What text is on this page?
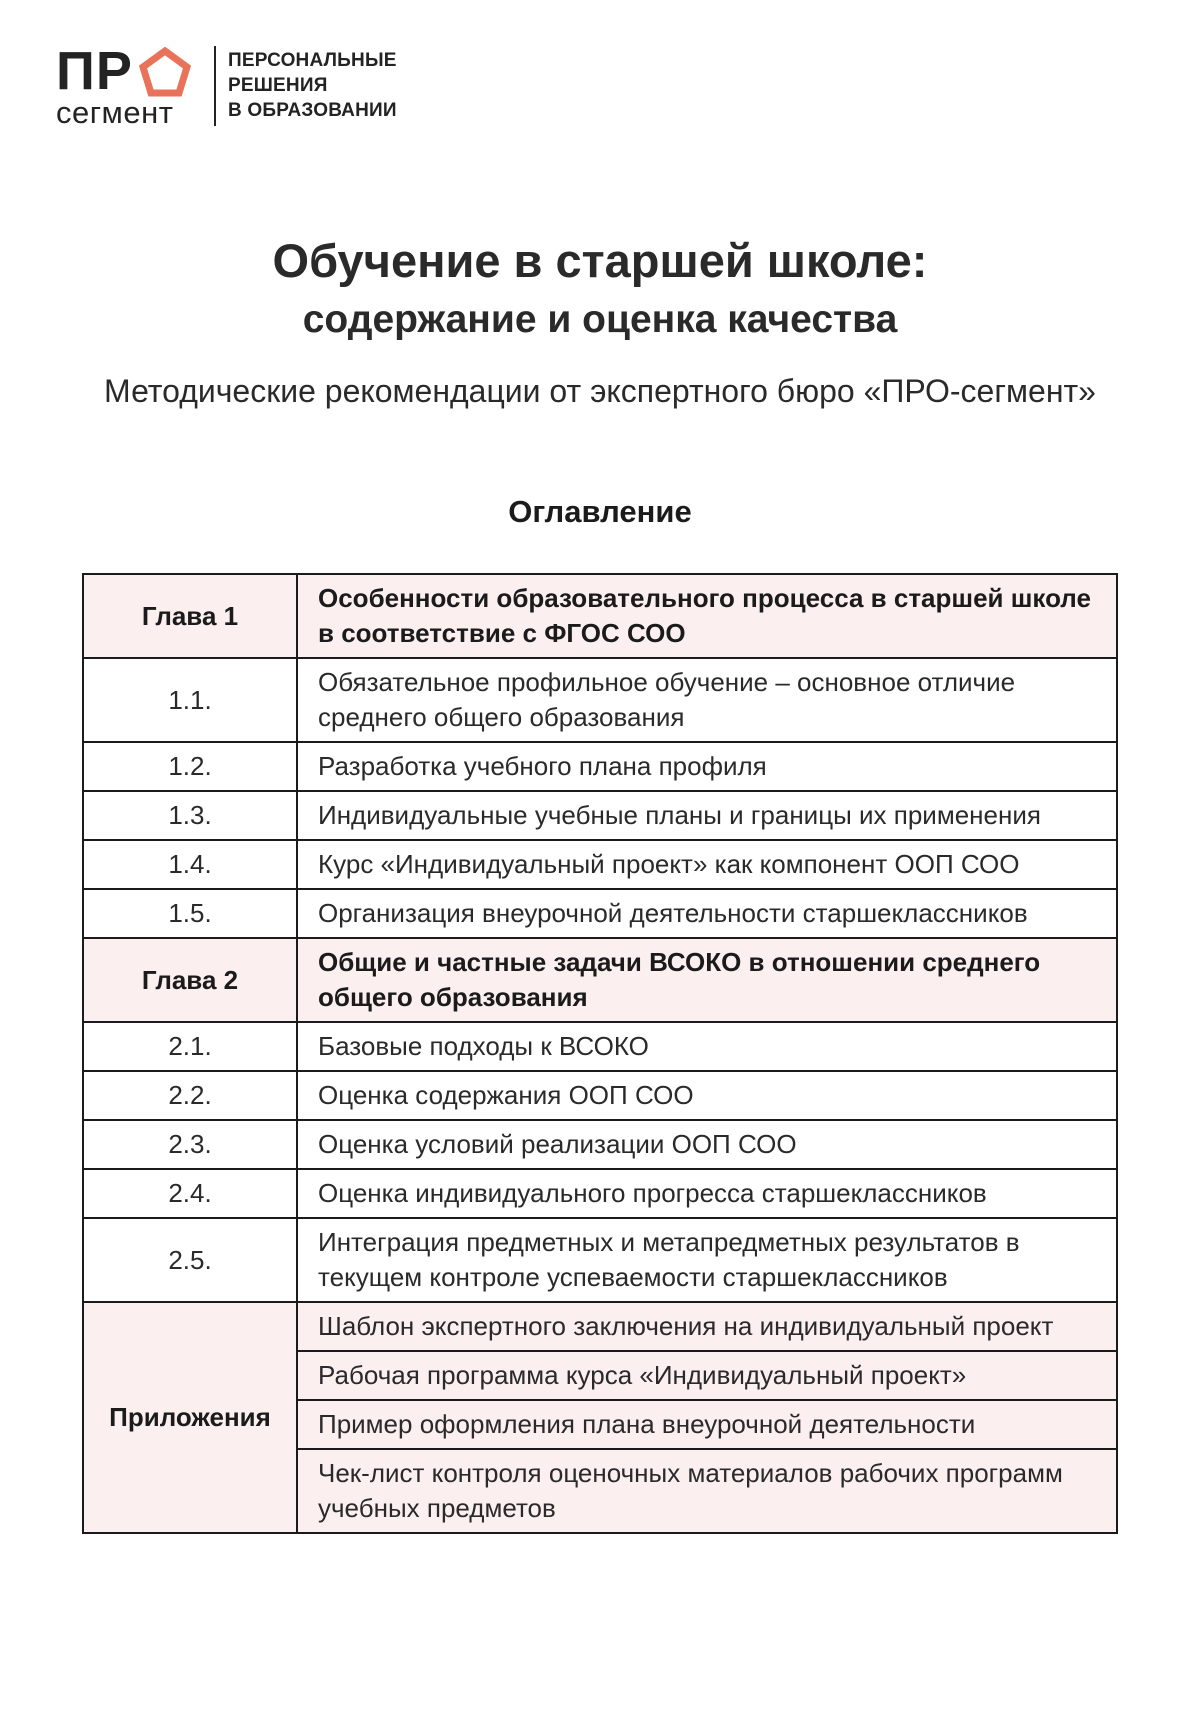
ПР
сегмент
ПЕРСОНАЛЬНЫЕ
РЕШЕНИЯ
В ОБРАЗОВАНИИ
Обучение в старшей школе:
содержание и оценка качества
Методические рекомендации от экспертного бюро «ПРО-сегмент»
Оглавление
Глава 1	Особенности образовательного процесса в старшей школе в соответствие с ФГОС СОО
1.1.	Обязательное профильное обучение – основное отличие среднего общего образования
1.2.	Разработка учебного плана профиля
1.3.	Индивидуальные учебные планы и границы их применения
1.4.	Курс «Индивидуальный проект» как компонент ООП СОО
1.5.	Организация внеурочной деятельности старшеклассников
Глава 2	Общие и частные задачи ВСОКО в отношении среднего общего образования
2.1.	Базовые подходы к ВСОКО
2.2.	Оценка содержания ООП СОО
2.3.	Оценка условий реализации ООП СОО
2.4.	Оценка индивидуального прогресса старшеклассников
2.5.	Интеграция предметных и метапредметных результатов в текущем контроле успеваемости старшеклассников
Приложения	Шаблон экспертного заключения на индивидуальный проект
	Рабочая программа курса «Индивидуальный проект»
	Пример оформления плана внеурочной деятельности
	Чек-лист контроля оценочных материалов рабочих программ учебных предметов
